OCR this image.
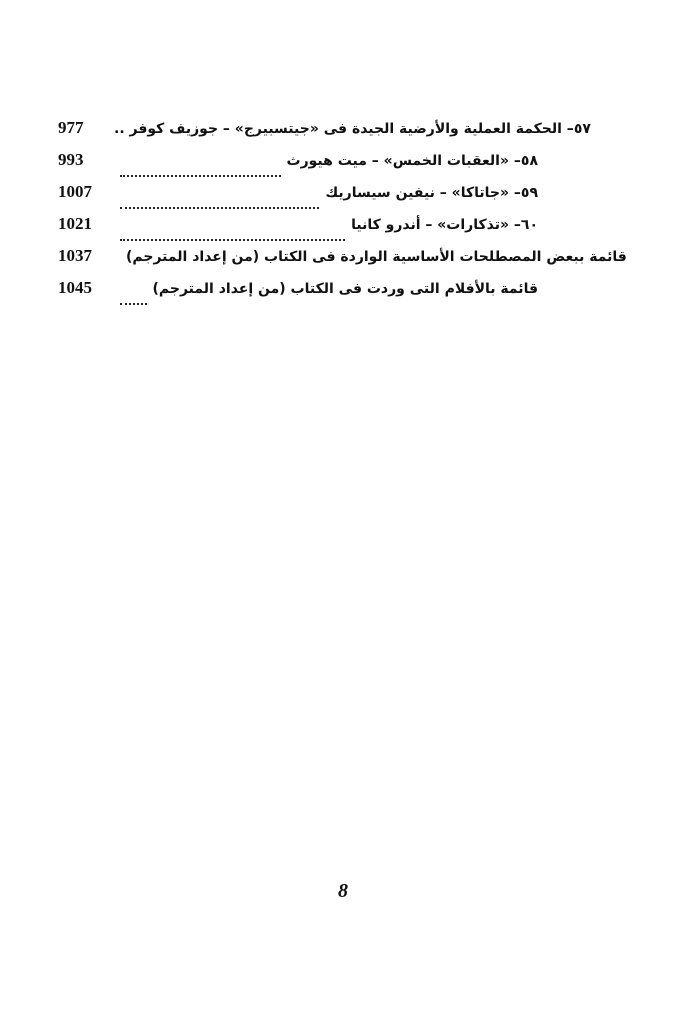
977	٥٧– الحكمة العملية والأرضية الجيدة فى «جيتسبيرج» – جوزيف كوفر ..
993	٥٨– «العقبات الخمس» – ميت هيورث
1007	٥٩– «جاتاكا» – نيفين سيساريك
1021	٦٠– «تذكارات» – أندرو كانيا
1037	قائمة ببعض المصطلحات الأساسية الواردة فى الكتاب (من إعداد المترجم)
1045	قائمة بالأفلام التى وردت فى الكتاب (من إعداد المترجم)
8
